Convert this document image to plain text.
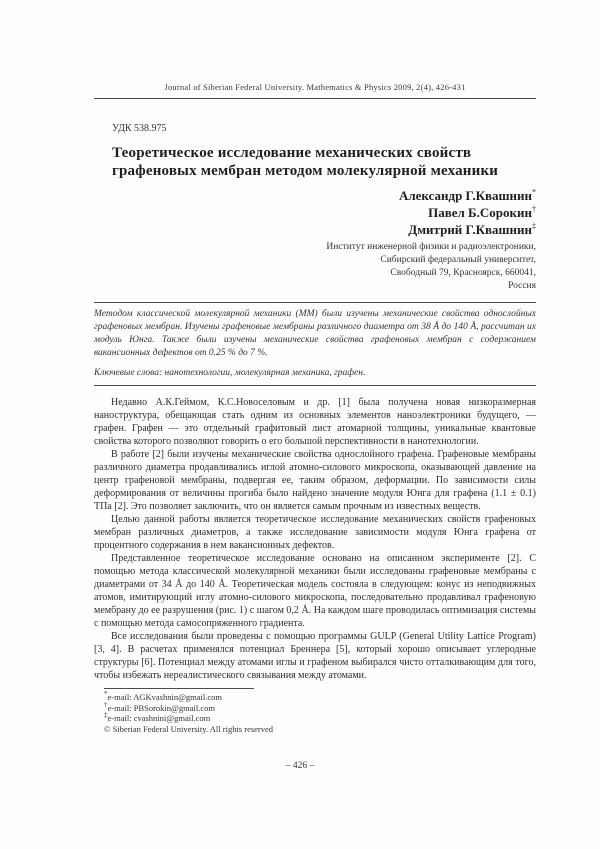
Journal of Siberian Federal University. Mathematics & Physics 2009, 2(4), 426-431
УДК 538.975
Теоретическое исследование механических свойств графеновых мембран методом молекулярной механики
Александр Г.Квашнин*
Павел Б.Сорокин†
Дмитрий Г.Квашнин‡
Институт инженерной физики и радиоэлектроники,
Сибирский федеральный университет,
Свободный 79, Красноярск, 660041,
Россия
Методом классической молекулярной механики (ММ) были изучены механические свойства однослойных графеновых мембран. Изучены графеновые мембраны различного диаметра от 38 Å до 140 Å, рассчитан их модуль Юнга. Также были изучены механические свойства графеновых мембран с содержанием вакансионных дефектов от 0.25 % до 7 %.
Ключевые слова: нанотехнологии, молекулярная механика, графен.

Недавно А.К.Геймом, К.С.Новоселовым и др. [1] была получена новая низкоразмерная наноструктура, обещающая стать одним из основных элементов наноэлектроники будущего, — графен. Графен — это отдельный графитовый лист атомарной толщины, уникальные квантовые свойства которого позволяют говорить о его большой перспективности в нанотехнологии.

В работе [2] были изучены механические свойства однослойного графена. Графеновые мембраны различного диаметра продавливались иглой атомно-силового микроскопа, оказывающей давление на центр графеновой мембраны, подвергая ее, таким образом, деформации. По зависимости силы деформирования от величины прогиба было найдено значение модуля Юнга для графена (1.1 ± 0.1) ТПа [2]. Это позволяет заключить, что он является самым прочным из известных веществ.

Целью данной работы является теоретическое исследование механических свойств графеновых мембран различных диаметров, а также исследование зависимости модуля Юнга графена от процентного содержания в нем вакансионных дефектов.

Представленное теоретическое исследование основано на описанном эксперименте [2]. С помощью метода классической молекулярной механики были исследованы графеновые мембраны с диаметрами от 34 Å до 140 Å. Теоретическая модель состояла в следующем: конус из неподвижных атомов, имитирующий иглу атомно-силового микроскопа, последовательно продавливал графеновую мембрану до ее разрушения (рис. 1) с шагом 0,2 Å. На каждом шаге проводилась оптимизация системы с помощью метода самосопряженного градиента.

Все исследования были проведены с помощью программы GULP (General Utility Lattice Program) [3, 4]. В расчетах применялся потенциал Бреннера [5], который хорошо описывает углеродные структуры [6]. Потенциал между атомами иглы и графеном выбирался чисто отталкивающим для того, чтобы избежать нереалистического связывания между атомами.

*e-mail: AGKvashnin@gmail.com
†e-mail: PBSorokin@gmail.com
‡e-mail: cvashnini@gmail.com
© Siberian Federal University. All rights reserved
– 426 –
